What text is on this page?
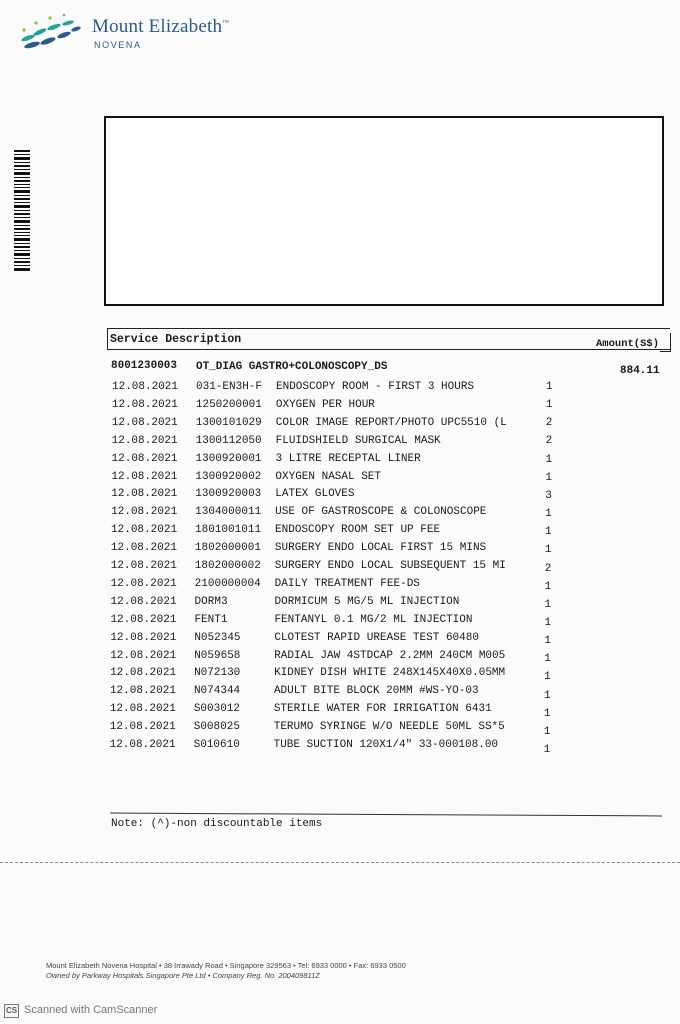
Mount Elizabeth™
NOVENA
Service Description	Amount(S$)
8001230003 OT_DIAG GASTRO+COLONOSCOPY_DS	884.11
12.08.2021 031-EN3H-F ENDOSCOPY ROOM - FIRST 3 HOURS	1
12.08.2021 1250200001 OXYGEN PER HOUR	1
12.08.2021 1300101029 COLOR IMAGE REPORT/PHOTO UPC5510 (L	2
12.08.2021 1300112050 FLUIDSHIELD SURGICAL MASK	2
12.08.2021 1300920001 3 LITRE RECEPTAL LINER	1
12.08.2021 1300920002 OXYGEN NASAL SET	1
12.08.2021 1300920003 LATEX GLOVES	3
12.08.2021 1304000011 USE OF GASTROSCOPE & COLONOSCOPE	1
12.08.2021 1801001011 ENDOSCOPY ROOM SET UP FEE	1
12.08.2021 1802000001 SURGERY ENDO LOCAL FIRST 15 MINS	1
12.08.2021 1802000002 SURGERY ENDO LOCAL SUBSEQUENT 15 MI	2
12.08.2021 2100000004 DAILY TREATMENT FEE-DS	1
12.08.2021 DORM3	DORMICUM 5 MG/5 ML INJECTION	1
12.08.2021 FENT1	FENTANYL 0.1 MG/2 ML INJECTION	1
12.08.2021 N052345	CLOTEST RAPID UREASE TEST 60480	1
12.08.2021 N059658	RADIAL JAW 4STDCAP 2.2MM 240CM M005	1
12.08.2021 N072130	KIDNEY DISH WHITE 248X145X40X0.05MM	1
12.08.2021 N074344	ADULT BITE BLOCK 20MM #WS-YO-03	1
12.08.2021 S003012	STERILE WATER FOR IRRIGATION 6431	1
12.08.2021 S008025	TERUMO SYRINGE W/O NEEDLE 50ML SS*5	1
12.08.2021 S010610	TUBE SUCTION 120X1/4" 33-000108.00	1
Note: (^)-non discountable items
Mount Elizabeth Novena Hospital • 38 Irrawady Road • Singapore 329563 • Tel: 6933 0000 • Fax: 6933 0500
Owned by Parkway Hospitals Singapore Pte Ltd • Company Reg. No. 200409811Z
CS Scanned with CamScanner
